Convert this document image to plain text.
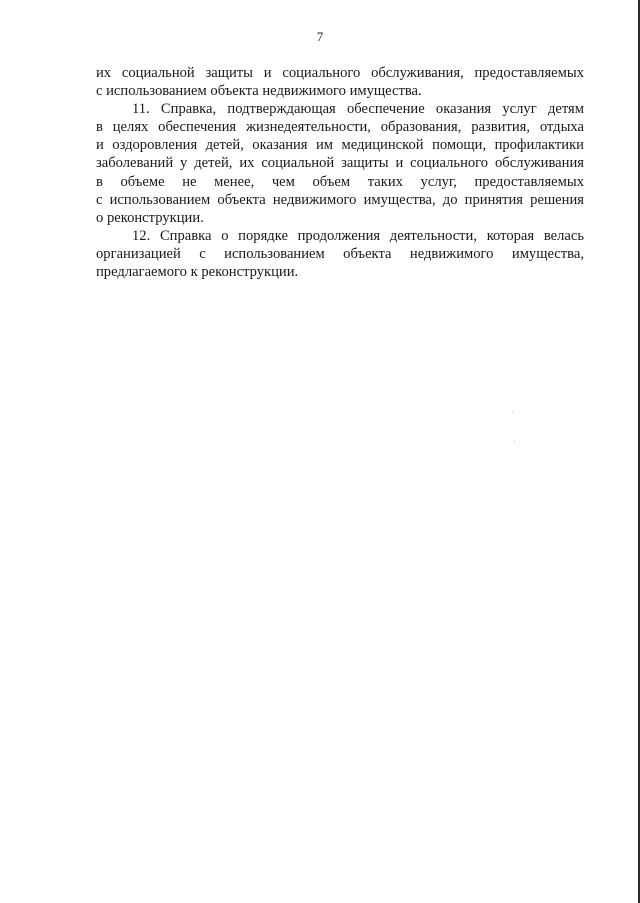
7
их социальной защиты и социального обслуживания, предоставляемых
с использованием объекта недвижимого имущества.
11. Справка, подтверждающая обеспечение оказания услуг детям
в целях обеспечения жизнедеятельности, образования, развития, отдыха
и оздоровления детей, оказания им медицинской помощи, профилактики
заболеваний у детей, их социальной защиты и социального обслуживания
в объеме не менее, чем объем таких услуг, предоставляемых
с использованием объекта недвижимого имущества, до принятия решения
о реконструкции.
12. Справка о порядке продолжения деятельности, которая велась
организацией с использованием объекта недвижимого имущества,
предлагаемого к реконструкции.
